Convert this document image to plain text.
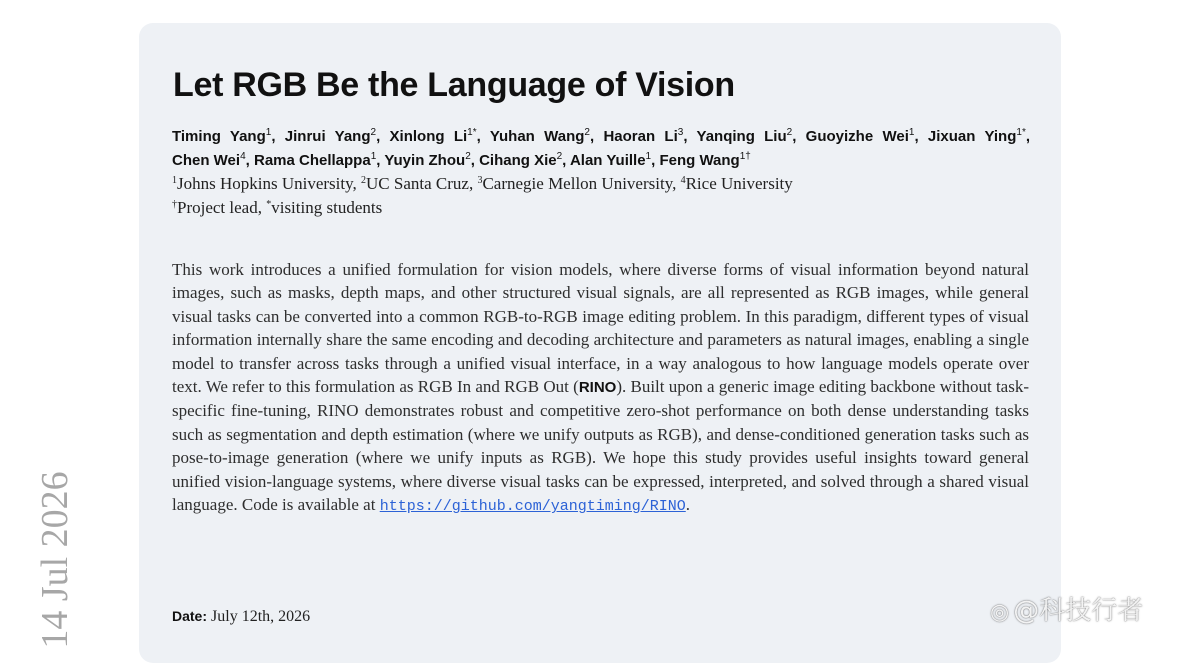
14 Jul 2026
Let RGB Be the Language of Vision
Timing Yang$^1$, Jinrui Yang$^2$, Xinlong $Li^{1*}$, Yuhan Wang$^2$, Haoran Li$^3$, Yanqing Liu$^2$, Guoyizhe Wei$^1$, Jixuan Ying$^{1*}$, Chen Wei$^4$, Rama Chellappa$^1$, Yuyin Zhou$^2$, Cihang Xie$^2$, Alan Yuille$^1$, Feng Wang$^{1\dagger}$
$^1$Johns Hopkins University, $^2$UC Santa Cruz, $^3$Carnegie Mellon University, $^4$Rice University
†Project lead, *visiting students
This work introduces a unified formulation for vision models, where diverse forms of visual information beyond natural images, such as masks, depth maps, and other structured visual signals, are all represented as RGB images, while general visual tasks can be converted into a common RGB-to-RGB image editing problem. In this paradigm, different types of visual information internally share the same encoding and decoding architecture and parameters as natural images, enabling a single model to transfer across tasks through a unified visual interface, in a way analogous to how language models operate over text. We refer to this formulation as RGB In and RGB Out (RINO). Built upon a generic image editing backbone without task-specific fine-tuning, RINO demonstrates robust and competitive zero-shot performance on both dense understanding tasks such as segmentation and depth estimation (where we unify outputs as RGB), and dense-conditioned generation tasks such as pose-to-image generation (where we unify inputs as RGB). We hope this study provides useful insights toward general unified vision-language systems, where diverse visual tasks can be expressed, interpreted, and solved through a shared visual language. Code is available at https://github.com/yangtiming/RINO.
Date: July 12th, 2026	◎ @科技行者
